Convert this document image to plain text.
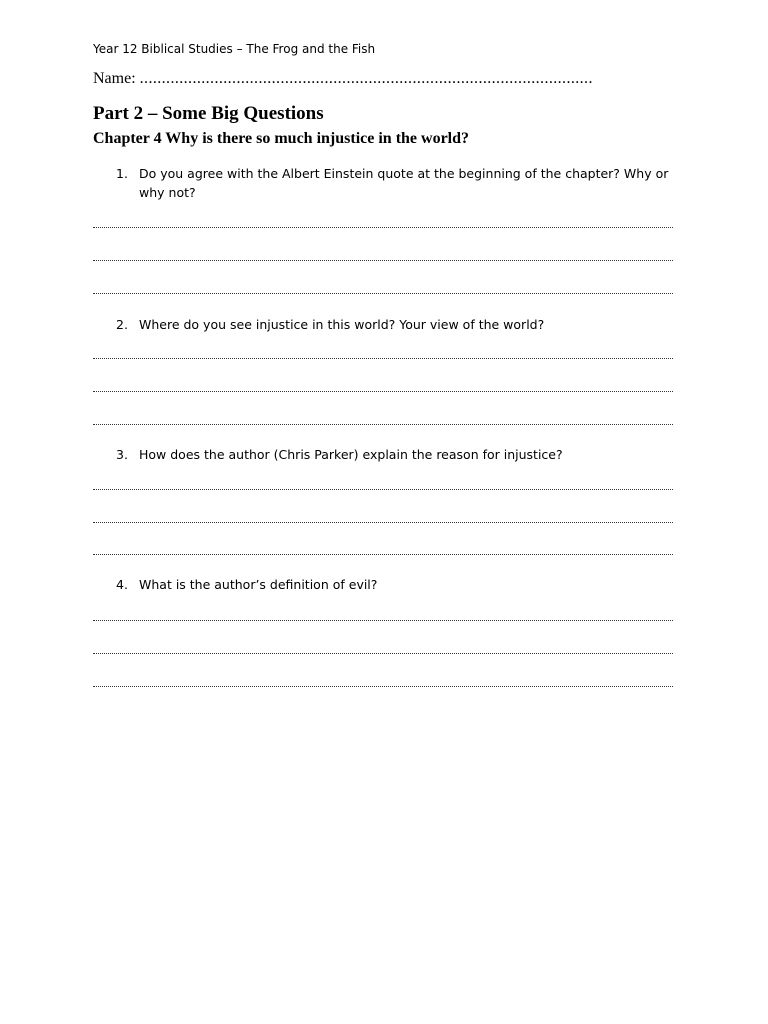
Year 12 Biblical Studies – The Frog and the Fish
Name: .......................................................................................................
Part 2 – Some Big Questions
Chapter 4 Why is there so much injustice in the world?
1. Do you agree with the Albert Einstein quote at the beginning of the chapter? Why or why not?
2. Where do you see injustice in this world? Your view of the world?
3. How does the author (Chris Parker) explain the reason for injustice?
4. What is the author’s definition of evil?
